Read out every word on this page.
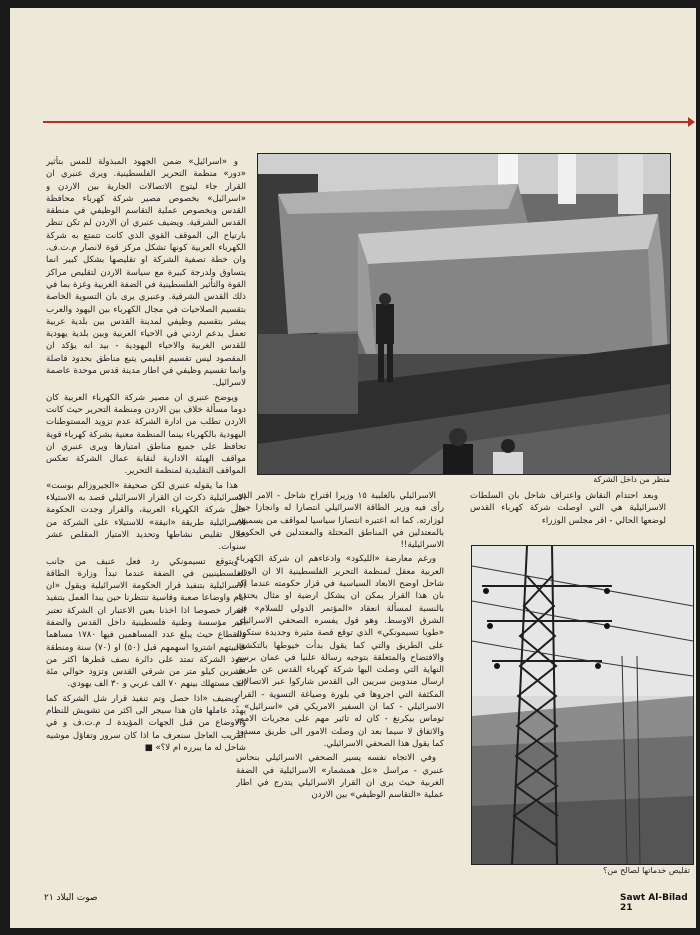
منظر من داخل الشركة
تقليص خدماتها لصالح من؟

و «اسرائيل» ضمن الجهود المبذولة للمس بتأثير «دور» منظمة التحرير الفلسطينية. ويرى عنبري ان القرار جاء ليتوج الاتصالات الجارية بين الاردن و «اسرائيل» بخصوص مصير شركة كهرباء محافظة القدس وبخصوص عملية التقاسم الوظيفي في منطقة القدس الشرقية. ويضيف عنبري ان الاردن لم تكن تنظر بارتياح الى الموقف القوي الذي كانت تتمتع به شركة الكهرباء العربية كونها تشكل مركز قوة لانصار م.ت.ف. وان خطة تصفية الشركة او تقليصها بشكل كبير انما يتساوق ولدرجة كبيرة مع سياسة الاردن لتقليص مراكز القوة والتأثير الفلسطينية في الضفة الغربية وغزة بما في ذلك القدس الشرقية. وعنبري يرى بان التسوية الخاصة بتقسيم الصلاحيات في مجال الكهرباء بين اليهود والعرب يبشر بتقسيم وظيفي لمدينة القدس بين بلدية عربية تعمل بدعم اردني في الاحياء العربية وبين بلدية يهودية للقدس الغربية والاحياء اليهودية - بيد انه يؤكد ان المقصود ليس تقسيم اقليمي يتبع مناطق بحدود فاصلة وانما تقسيم وظيفي في اطار مدينة قدس موحدة عاصمة لاسرائيل.

ويوضح عنبري ان مصير شركة الكهرباء العربية كان دوما مسألة خلاف بين الاردن ومنظمة التحرير حيث كانت الاردن تطلب من ادارة الشركة عدم تزويد المستوطنات اليهودية بالكهرباء بينما المنظمة معنية بشركة كهرباء قوية تحافظ على جميع مناطق امتيازها ويرى عنبري ان مواقف الهيئة الادارية لنقابة عمال الشركة تعكس المواقف التقليدية لمنظمة التحرير.

هذا ما يقوله عنبري لكن صحيفة «الجيروزالم بوست» الاسرائيلية ذكرت ان القرار الاسرائيلي قصد به الاستيلاء على شركة الكهرباء العربية، والقرار وجدت الحكومة الاسرائيلية طريقة «انيقة» للاستيلاء على الشركة من خلال تقليص نشاطها وتحديد الامتياز المقلص عشر سنوات.

ويتوقع تسيمونكي رد فعل عنيف من جانب الفلسطينيين في الضفة عندما تبدأ وزارة الطاقة الاسرائيلية بتنفيذ قرار الحكومة الاسرائيلية ويقول «ان ايام واوضاعا صعبة وقاسية تنتظرنا حين يبدا العمل بتنفيذ القرار خصوصا اذا اخذنا بعين الاعتبار ان الشركة تعتبر اكبر مؤسسة وطنية فلسطينية داخل القدس والضفة والقطاع حيث يبلغ عدد المساهمين فيها ١٧٨٠ مساهما غالبيتهم اشتروا اسهمهم قبل (٥٠) او (٧٠) سنة ومنطقة نفوذ الشركة تمتد على دائرة نصف قطرها اكثر من عشرين كيلو متر من شرقي القدس وتزود حوالي مئة الف مستهلك بينهم ٧٠ الف عربي و ٣٠ الف يهودي.

ويضيف «اذا حصل وتم تنفيذ قرار شل الشركة كما يهدد عاملها فان هذا سيجر الى اكثر من تشويش للنظام والاوضاع من قبل الجهات المؤيدة لـ م.ت.ف و في القريب العاجل سنعرف ما اذا كان سرور وتفاؤل موشيه شاحل له ما يبرره ام لا؟» ■

الاسرائيلي بالغلبية ١٥ وزيرا اقتراح شاحل - الامر الذي رأى فيه وزير الطاقة الاسرائيلي انتصارا له وانجازا جيدا لوزارته. كما انه اعتبره انتصارا سياسيا لمواقف من يسميهم بالمعتدلين في المناطق المحتلة والمعتدلين في الحكومة الاسرائيلية!!

ورغم معارضة «الليكود» وادعاءهم ان شركة الكهرباء العربية معقل لمنظمة التحرير الفلسطينية الا ان الوزير شاحل اوضح الابعاد السياسية في قرار حكومته عندما اكد بان هذا القرار يمكن ان يشكل ارضية او مثال يحتذى بالنسبة لمسألة انعقاد «المؤتمر الدولي للسلام» في الشرق الاوسط. وهو قول يفسره الصحفي الاسرائيلي «طوبا تسيمونكي» الذي توقع قصة مثيرة وجديدة ستكون على الطريق والتي كما يقول بدأت خيوطها بالتكشف والافتضاح والمتعلقة بتوجيه رسالة علنيا في عمان برسم النهاية التي وصلت اليها شركة كهرباء القدس عن طريق ارسال مندوبين سريين الى القدس شاركوا عبر الاتصالات المكثفة التي اجروها في بلورة وصياغة التسوية - القرار الاسرائيلي - كما ان السفير الامريكي في «اسرائيل» - توماس بيكرنغ - كان له تاثير مهم على مجريات الامور والاتفاق لا سيما بعد ان وصلت الامور الى طريق مسدود كما يقول هذا الصحفي الاسرائيلي.

وفي الاتجاه نفسه يسير الصحفي الاسرائيلي بنحاس عنبري - مراسل «عل همشمار» الاسرائيلية في الضفة الغربية حيث يرى ان القرار الاسرائيلي يتدرج في اطار عملية «التقاسم الوظيفي» بين الاردن

وبعد احتدام النقاش واعتراف شاحل بان السلطات الاسرائيلية هي التي اوصلت شركة كهرباء القدس لوضعها الحالي - اقر مجلس الوزراء

صوت البلاد ٢١	Sawt Al-Bilad 21
